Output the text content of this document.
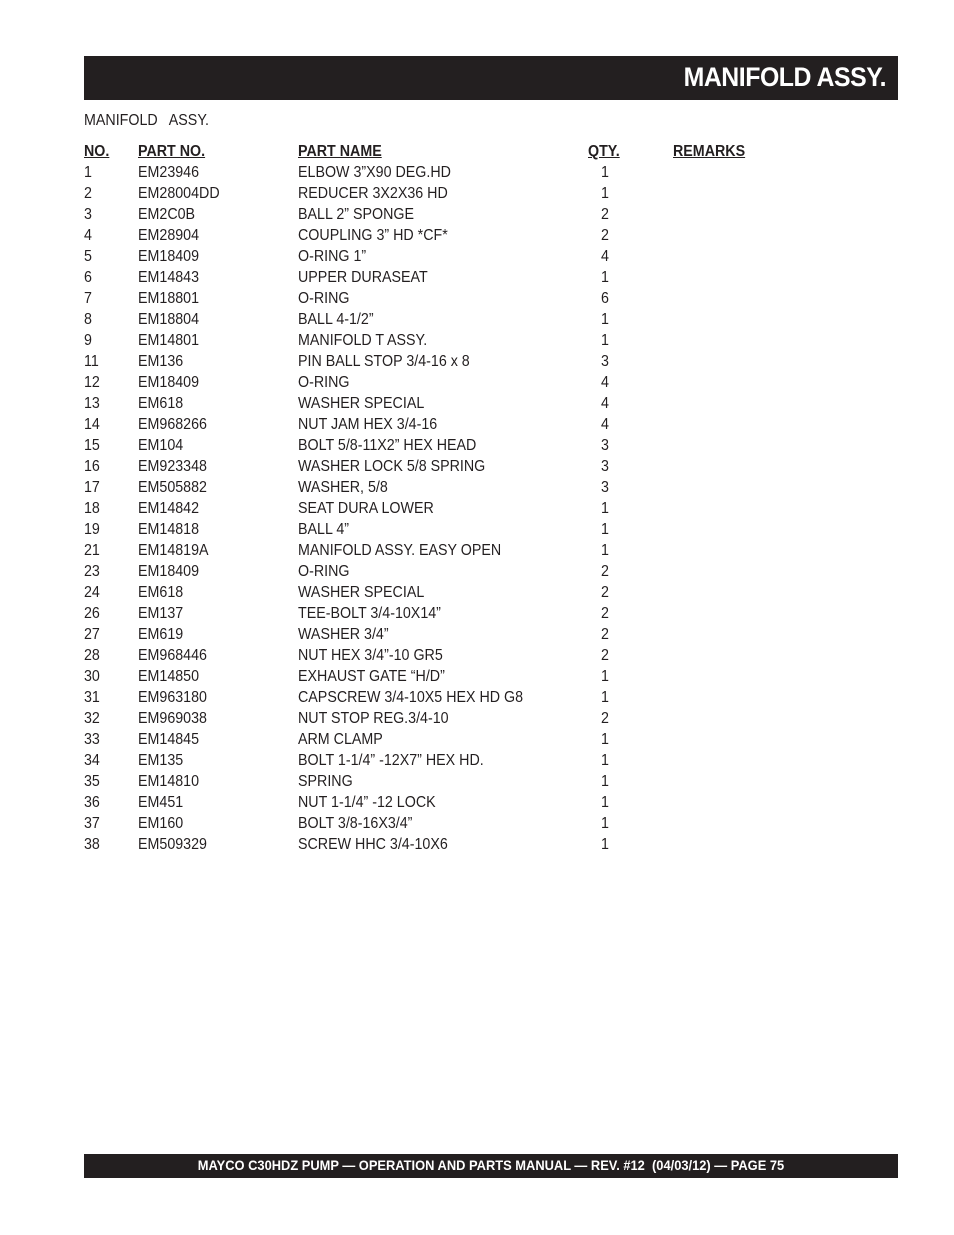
MANIFOLD ASSY.
MANIFOLD   ASSY.
NO. PART NO.	PART NAME	QTY.	REMARKS
1	EM23946	ELBOW 3”X90 DEG.HD	1
2	EM28004DD	REDUCER 3X2X36 HD	1
3	EM2C0B	BALL 2” SPONGE	2
4	EM28904	COUPLING 3” HD *CF*	2
5	EM18409	O-RING 1”	4
6	EM14843	UPPER DURASEAT	1
7	EM18801	O-RING	6
8	EM18804	BALL 4-1/2”	1
9	EM14801	MANIFOLD T ASSY.	1
11	EM136	PIN BALL STOP 3/4-16 x 8	3
12 EM18409	O-RING	4
13 EM618	WASHER SPECIAL	4
14 EM968266	NUT JAM HEX 3/4-16	4
15 EM104	BOLT 5/8-11X2” HEX HEAD	3
16 EM923348	WASHER LOCK 5/8 SPRING	3
17 EM505882	WASHER, 5/8	3
18 EM14842	SEAT DURA LOWER	1
19 EM14818	BALL 4”	1
21 EM14819A	MANIFOLD ASSY. EASY OPEN	1
23 EM18409	O-RING	2
24 EM618	WASHER SPECIAL	2
26 EM137	TEE-BOLT 3/4-10X14”	2
27 EM619	WASHER 3/4”	2
28 EM968446	NUT HEX 3/4”-10 GR5	2
30 EM14850	EXHAUST GATE “H/D”	1
31 EM963180	CAPSCREW 3/4-10X5 HEX HD G8	1
32 EM969038	NUT STOP REG.3/4-10	2
33 EM14845	ARM CLAMP	1
34 EM135	BOLT 1-1/4” -12X7” HEX HD.	1
35 EM14810	SPRING	1
36 EM451	NUT 1-1/4” -12 LOCK	1
37 EM160	BOLT 3/8-16X3/4”	1
38 EM509329	SCREW HHC 3/4-10X6	1
MAYCO C30HDZ PUMP — OPERATION AND PARTS MANUAL — REV. #12  (04/03/12) — PAGE 75
